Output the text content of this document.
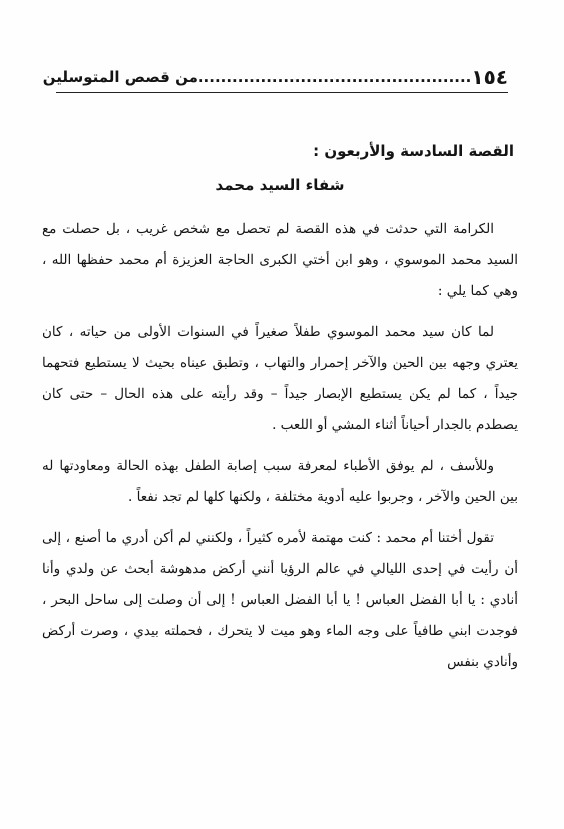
١٥٤
................................................من قصص المتوسلين
القصة السادسة والأربعون :
شفاء السيد محمد

الكرامة التي حدثت في هذه القصة لم تحصل مع شخص غريب ، بل حصلت مع السيد محمد الموسوي ، وهو ابن أختي الكبرى الحاجة العزيزة أم محمد حفظها الله ، وهي كما يلي :

لما كان سيد محمد الموسوي طفلاً صغيراً في السنوات الأولى من حياته ، كان يعتري وجهه بين الحين والآخر إحمرار والتهاب ، وتطبق عيناه بحيث لا يستطيع فتحهما جيداً ، كما لم يكن يستطيع الإبصار جيداً – وقد رأيته على هذه الحال – حتى كان يصطدم بالجدار أحياناً أثناء المشي أو اللعب .

وللأسف ، لم يوفق الأطباء لمعرفة سبب إصابة الطفل بهذه الحالة ومعاودتها له بين الحين والآخر ، وجربوا عليه أدوية مختلفة ، ولكنها كلها لم تجد نفعاً .

تقول أختنا أم محمد : كنت مهتمة لأمره كثيراً ، ولكنني لم أكن أدري ما أصنع ، إلى أن رأيت في إحدى الليالي في عالم الرؤيا أنني أركض مدهوشة أبحث عن ولدي وأنا أنادي : يا أبا الفضل العباس ! يا أبا الفضل العباس ! إلى أن وصلت إلى ساحل البحر ، فوجدت ابني طافياً على وجه الماء وهو ميت لا يتحرك ، فحملته بيدي ، وصرت أركض وأنادي بنفس
